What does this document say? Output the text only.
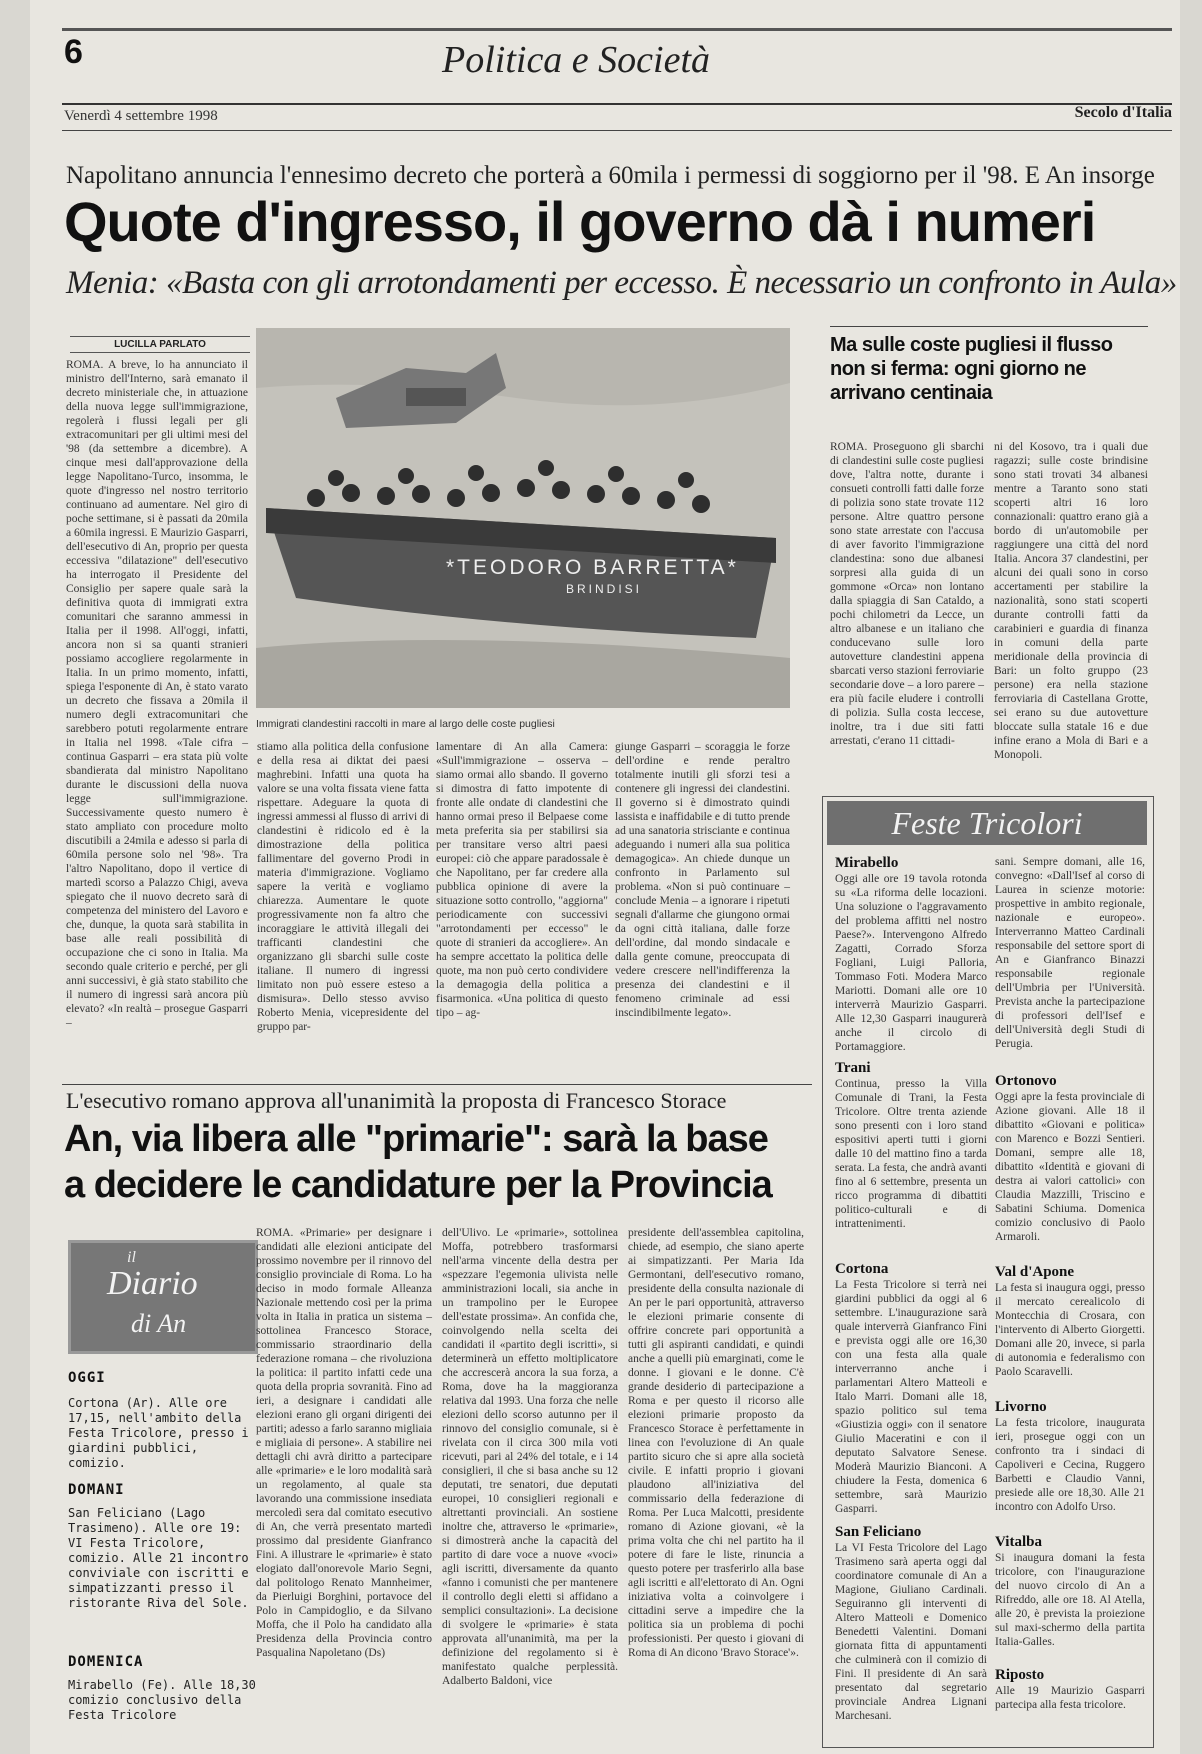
6	Politica e Società
Venerdì 4 settembre 1998	Secolo d'Italia
Napolitano annuncia l'ennesimo decreto che porterà a 60mila i permessi di soggiorno per il '98. E An insorge
Quote d'ingresso, il governo dà i numeri
Menia: «Basta con gli arrotondamenti per eccesso. È necessario un confronto in Aula»
LUCILLA PARLATO
ROMA. A breve, lo ha annunciato il ministro dell'Interno, sarà emanato il decreto ministeriale che, in attuazione della nuova legge sull'immigrazione, regolerà i flussi legali per gli extracomunitari per gli ultimi mesi del '98 (da settembre a dicembre). A cinque mesi dall'approvazione della legge Napolitano-Turco, insomma, le quote d'ingresso nel nostro territorio continuano ad aumentare. Nel giro di poche settimane, si è passati da 20mila a 60mila ingressi. E Maurizio Gasparri, dell'esecutivo di An, proprio per questa eccessiva "dilatazione" dell'esecutivo ha interrogato il Presidente del Consiglio per sapere quale sarà la definitiva quota di immigrati extra comunitari che saranno ammessi in Italia per il 1998. All'oggi, infatti, ancora non si sa quanti stranieri possiamo accogliere regolarmente in Italia. In un primo momento, infatti, spiega l'esponente di An, è stato varato un decreto che fissava a 20mila il numero degli extracomunitari che sarebbero potuti regolarmente entrare in Italia nel 1998. «Tale cifra – continua Gasparri – era stata più volte sbandierata dal ministro Napolitano durante le discussioni della nuova legge sull'immigrazione. Successivamente questo numero è stato ampliato con procedure molto discutibili a 24mila e adesso si parla di 60mila persone solo nel '98». Tra l'altro Napolitano, dopo il vertice di martedì scorso a Palazzo Chigi, aveva spiegato che il nuovo decreto sarà di competenza del ministero del Lavoro e che, dunque, la quota sarà stabilita in base alle reali possibilità di occupazione che ci sono in Italia. Ma secondo quale criterio e perché, per gli anni successivi, è già stato stabilito che il numero di ingressi sarà ancora più elevato? «In realtà – prosegue Gasparri –
*TEODORO BARRETTA*
BRINDISI
Immigrati clandestini raccolti in mare al largo delle coste pugliesi
stiamo alla politica della confusione e della resa ai diktat dei paesi maghrebini. Infatti una quota ha valore se una volta fissata viene fatta rispettare. Adeguare la quota di ingressi ammessi al flusso di arrivi di clandestini è ridicolo ed è la dimostrazione della politica fallimentare del governo Prodi in materia d'immigrazione. Vogliamo sapere la verità e vogliamo chiarezza. Aumentare le quote progressivamente non fa altro che incoraggiare le attività illegali dei trafficanti clandestini che organizzano gli sbarchi sulle coste italiane. Il numero di ingressi limitato non può essere esteso a dismisura». Dello stesso avviso Roberto Menia, vicepresidente del gruppo par-
lamentare di An alla Camera: «Sull'immigrazione – osserva – siamo ormai allo sbando. Il governo si dimostra di fatto impotente di fronte alle ondate di clandestini che hanno ormai preso il Belpaese come meta preferita sia per stabilirsi sia per transitare verso altri paesi europei: ciò che appare paradossale è che Napolitano, per far credere alla pubblica opinione di avere la situazione sotto controllo, "aggiorna" periodicamente con successivi "arrotondamenti per eccesso" le quote di stranieri da accogliere». An ha sempre accettato la politica delle quote, ma non può certo condividere la demagogia della politica a fisarmonica. «Una politica di questo tipo – ag-
giunge Gasparri – scoraggia le forze dell'ordine e rende peraltro totalmente inutili gli sforzi tesi a contenere gli ingressi dei clandestini. Il governo si è dimostrato quindi lassista e inaffidabile e di tutto prende ad una sanatoria strisciante e continua adeguando i numeri alla sua politica demagogica». An chiede dunque un confronto in Parlamento sul problema. «Non si può continuare – conclude Menia – a ignorare i ripetuti segnali d'allarme che giungono ormai da ogni città italiana, dalle forze dell'ordine, dal mondo sindacale e dalla gente comune, preoccupata di vedere crescere nell'indifferenza la presenza dei clandestini e il fenomeno criminale ad essi inscindibilmente legato».
Ma sulle coste pugliesi il flusso non si ferma: ogni giorno ne arrivano centinaia
ROMA. Proseguono gli sbarchi di clandestini sulle coste pugliesi dove, l'altra notte, durante i consueti controlli fatti dalle forze di polizia sono state trovate 112 persone. Altre quattro persone sono state arrestate con l'accusa di aver favorito l'immigrazione clandestina: sono due albanesi sorpresi alla guida di un gommone «Orca» non lontano dalla spiaggia di San Cataldo, a pochi chilometri da Lecce, un altro albanese e un italiano che conducevano sulle loro autovetture clandestini appena sbarcati verso stazioni ferroviarie secondarie dove – a loro parere – era più facile eludere i controlli di polizia. Sulla costa leccese, inoltre, tra i due siti fatti arrestati, c'erano 11 cittadi-
ni del Kosovo, tra i quali due ragazzi; sulle coste brindisine sono stati trovati 34 albanesi mentre a Taranto sono stati scoperti altri 16 loro connazionali: quattro erano già a bordo di un'automobile per raggiungere una città del nord Italia. Ancora 37 clandestini, per alcuni dei quali sono in corso accertamenti per stabilire la nazionalità, sono stati scoperti durante controlli fatti da carabinieri e guardia di finanza in comuni della parte meridionale della provincia di Bari: un folto gruppo (23 persone) era nella stazione ferroviaria di Castellana Grotte, sei erano su due autovetture bloccate sulla statale 16 e due infine erano a Mola di Bari e a Monopoli.
Feste Tricolori
Mirabello
Oggi alle ore 19 tavola rotonda su «La riforma delle locazioni. Una soluzione o l'aggravamento del problema affitti nel nostro Paese?». Intervengono Alfredo Zagatti, Corrado Sforza Fogliani, Luigi Palloria, Tommaso Foti. Modera Marco Mariotti. Domani alle ore 10 interverrà Maurizio Gasparri. Alle 12,30 Gasparri inaugurerà anche il circolo di Portamaggiore.
Trani
Continua, presso la Villa Comunale di Trani, la Festa Tricolore. Oltre trenta aziende sono presenti con i loro stand espositivi aperti tutti i giorni dalle 10 del mattino fino a tarda serata. La festa, che andrà avanti fino al 6 settembre, presenta un ricco programma di dibattiti politico-culturali e di intrattenimenti.
Cortona
La Festa Tricolore si terrà nei giardini pubblici da oggi al 6 settembre. L'inaugurazione sarà quale interverrà Gianfranco Fini e prevista oggi alle ore 16,30 con una festa alla quale interverranno anche i parlamentari Altero Matteoli e Italo Marri. Domani alle 18, spazio politico sul tema «Giustizia oggi» con il senatore Giulio Maceratini e con il deputato Salvatore Senese. Moderà Maurizio Bianconi. A chiudere la Festa, domenica 6 settembre, sarà Maurizio Gasparri.
San Feliciano
La VI Festa Tricolore del Lago Trasimeno sarà aperta oggi dal coordinatore comunale di An a Magione, Giuliano Cardinali. Seguiranno gli interventi di Altero Matteoli e Domenico Benedetti Valentini. Domani giornata fitta di appuntamenti che culminerà con il comizio di Fini. Il presidente di An sarà presentato dal segretario provinciale Andrea Lignani Marchesani.
sani. Sempre domani, alle 16, convegno: «Dall'Isef al corso di Laurea in scienze motorie: prospettive in ambito regionale, nazionale e europeo». Interverranno Matteo Cardinali responsabile del settore sport di An e Gianfranco Binazzi responsabile regionale dell'Umbria per l'Università. Prevista anche la partecipazione di professori dell'Isef e dell'Università degli Studi di Perugia.
Ortonovo
Oggi apre la festa provinciale di Azione giovani. Alle 18 il dibattito «Giovani e politica» con Marenco e Bozzi Sentieri. Domani, sempre alle 18, dibattito «Identità e giovani di destra ai valori cattolici» con Claudia Mazzilli, Triscino e Sabatini Schiuma. Domenica comizio conclusivo di Paolo Armaroli.
Val d'Apone
La festa si inaugura oggi, presso il mercato cerealicolo di Montecchia di Crosara, con l'intervento di Alberto Giorgetti. Domani alle 20, invece, si parla di autonomia e federalismo con Paolo Scaravelli.
Livorno
La festa tricolore, inaugurata ieri, prosegue oggi con un confronto tra i sindaci di Capoliveri e Cecina, Ruggero Barbetti e Claudio Vanni, presiede alle ore 18,30. Alle 21 incontro con Adolfo Urso.
Vitalba
Si inaugura domani la festa tricolore, con l'inaugurazione del nuovo circolo di An a Rifreddo, alle ore 18. Al Atella, alle 20, è prevista la proiezione sul maxi-schermo della partita Italia-Galles.
Riposto
Alle 19 Maurizio Gasparri partecipa alla festa tricolore.
L'esecutivo romano approva all'unanimità la proposta di Francesco Storace
An, via libera alle "primarie": sarà la base
a decidere le candidature per la Provincia
il
Diario
di An
OGGI
Cortona (Ar). Alle ore 17,15, nell'ambito della Festa Tricolore, presso i giardini pubblici, comizio.
DOMANI
San Feliciano (Lago Trasimeno). Alle ore 19: VI Festa Tricolore, comizio. Alle 21 incontro conviviale con iscritti e simpatizzanti presso il ristorante Riva del Sole.
DOMENICA
Mirabello (Fe). Alle 18,30 comizio conclusivo della Festa Tricolore
ROMA. «Primarie» per designare i candidati alle elezioni anticipate del prossimo novembre per il rinnovo del consiglio provinciale di Roma. Lo ha deciso in modo formale Alleanza Nazionale mettendo così per la prima volta in Italia in pratica un sistema – sottolinea Francesco Storace, commissario straordinario della federazione romana – che rivoluziona la politica: il partito infatti cede una quota della propria sovranità. Fino ad ieri, a designare i candidati alle elezioni erano gli organi dirigenti dei partiti; adesso a farlo saranno migliaia e migliaia di persone». A stabilire nei dettagli chi avrà diritto a partecipare alle «primarie» e le loro modalità sarà un regolamento, al quale sta lavorando una commissione insediata mercoledì sera dal comitato esecutivo di An, che verrà presentato martedì prossimo dal presidente Gianfranco Fini. A illustrare le «primarie» è stato elogiato dall'onorevole Mario Segni, dal politologo Renato Mannheimer, da Pierluigi Borghini, portavoce del Polo in Campidoglio, e da Silvano Moffa, che il Polo ha candidato alla Presidenza della Provincia contro Pasqualina Napoletano (Ds)
dell'Ulivo. Le «primarie», sottolinea Moffa, potrebbero trasformarsi nell'arma vincente della destra per «spezzare l'egemonia ulivista nelle amministrazioni locali, sia anche in un trampolino per le Europee dell'estate prossima». An confida che, coinvolgendo nella scelta dei candidati il «partito degli iscritti», si determinerà un effetto moltiplicatore che accrescerà ancora la sua forza, a Roma, dove ha la maggioranza relativa dal 1993. Una forza che nelle elezioni dello scorso autunno per il rinnovo del consiglio comunale, si è rivelata con il circa 300 mila voti ricevuti, pari al 24% del totale, e i 14 consiglieri, il che si basa anche su 12 deputati, tre senatori, due deputati europei, 10 consiglieri regionali e altrettanti provinciali. An sostiene inoltre che, attraverso le «primarie», si dimostrerà anche la capacità del partito di dare voce a nuove «voci» agli iscritti, diversamente da quanto «fanno i comunisti che per mantenere il controllo degli eletti si affidano a semplici consultazioni». La decisione di svolgere le «primarie» è stata approvata all'unanimità, ma per la definizione del regolamento si è manifestato qualche perplessità. Adalberto Baldoni, vice
presidente dell'assemblea capitolina, chiede, ad esempio, che siano aperte ai simpatizzanti. Per Maria Ida Germontani, dell'esecutivo romano, presidente della consulta nazionale di An per le pari opportunità, attraverso le elezioni primarie consente di offrire concrete pari opportunità a tutti gli aspiranti candidati, e quindi anche a quelli più emarginati, come le donne. I giovani e le donne. C'è grande desiderio di partecipazione a Roma e per questo il ricorso alle elezioni primarie proposto da Francesco Storace è perfettamente in linea con l'evoluzione di An quale partito sicuro che si apre alla società civile. E infatti proprio i giovani plaudono all'iniziativa del commissario della federazione di Roma. Per Luca Malcotti, presidente romano di Azione giovani, «è la prima volta che chi nel partito ha il potere di fare le liste, rinuncia a questo potere per trasferirlo alla base agli iscritti e all'elettorato di An. Ogni iniziativa volta a coinvolgere i cittadini serve a impedire che la politica sia un problema di pochi professionisti. Per questo i giovani di Roma di An dicono 'Bravo Storace'».
